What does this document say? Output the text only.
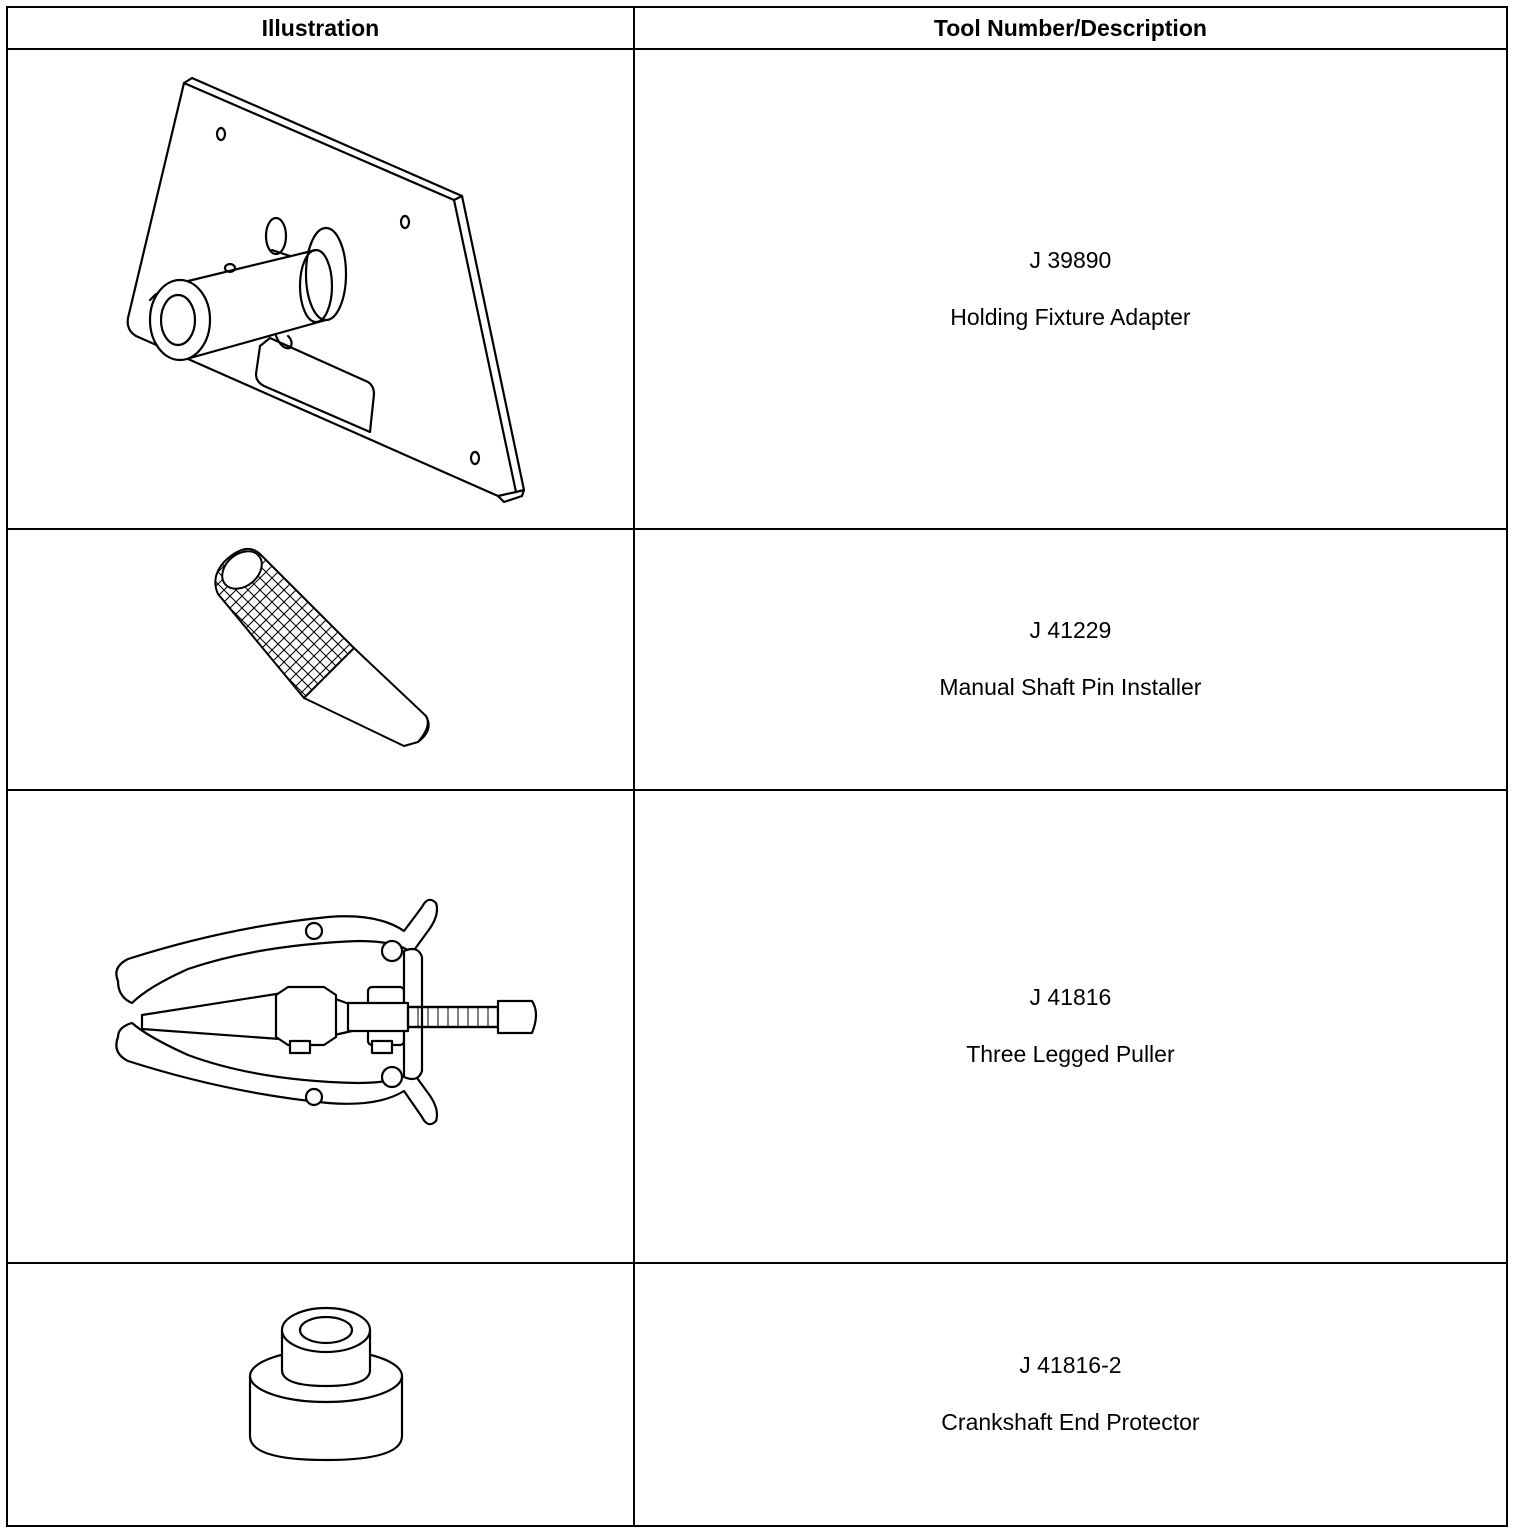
Illustration	Tool Number/Description

J 39890
Holding Fixture Adapter

J 41229
Manual Shaft Pin Installer

J 41816
Three Legged Puller

J 41816-2
Crankshaft End Protector
